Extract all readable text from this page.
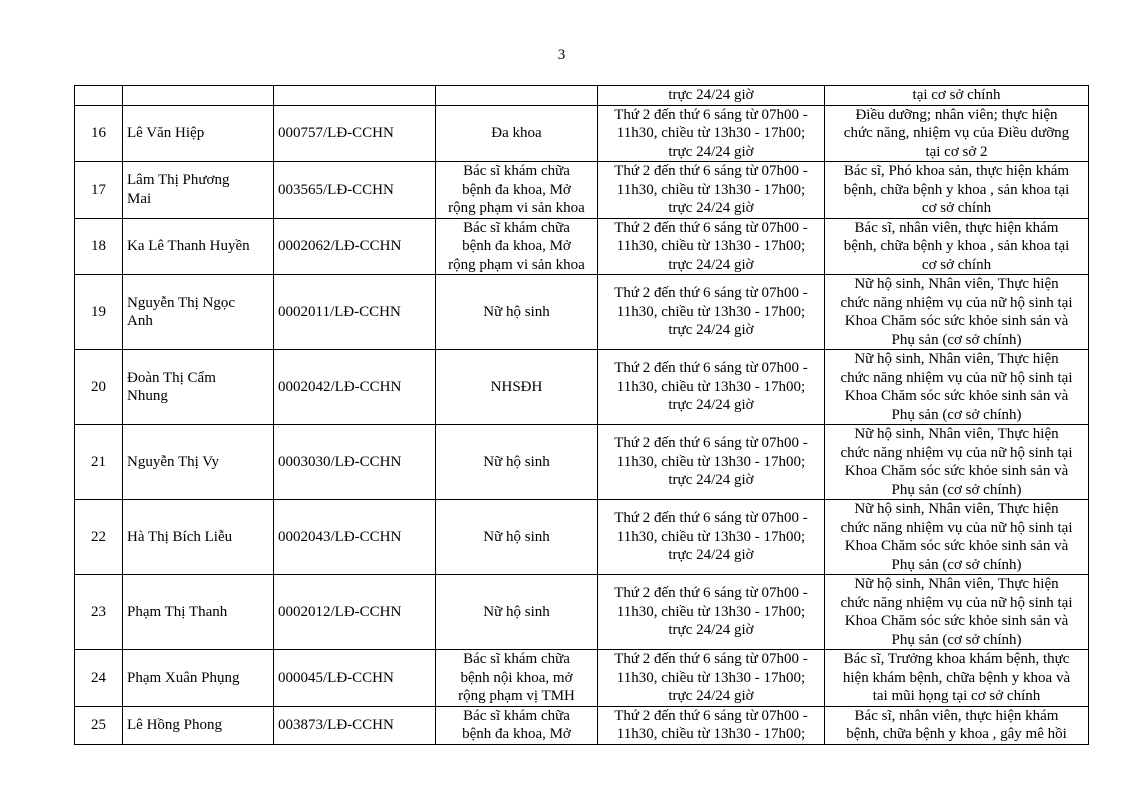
3
				trực 24/24 giờ	tại cơ sở chính
16	Lê Văn Hiệp	000757/LĐ-CCHN	Đa khoa	Thứ 2 đến thứ 6 sáng từ 07h00 -
11h30, chiều từ 13h30 - 17h00;
trực 24/24 giờ	Điều dưỡng; nhân viên; thực hiện
chức năng, nhiệm vụ của Điều dưỡng
tại cơ sở 2

17	Lâm Thị Phương
Mai	003565/LĐ-CCHN	Bác sĩ khám chữa
bệnh đa khoa, Mở
rộng phạm vi sản khoa	Thứ 2 đến thứ 6 sáng từ 07h00 -
11h30, chiều từ 13h30 - 17h00;
trực 24/24 giờ	Bác sĩ, Phó khoa sản, thực hiện khám
bệnh, chữa bệnh y khoa , sản khoa tại
cơ sở chính

18	Ka Lê Thanh Huyền	0002062/LĐ-CCHN	Bác sĩ khám chữa
bệnh đa khoa, Mở
rộng phạm vi sản khoa	Thứ 2 đến thứ 6 sáng từ 07h00 -
11h30, chiều từ 13h30 - 17h00;
trực 24/24 giờ	Bác sĩ, nhân viên, thực hiện khám
bệnh, chữa bệnh y khoa , sản khoa tại
cơ sở chính

19	Nguyễn Thị Ngọc
Anh	0002011/LĐ-CCHN	Nữ hộ sinh	Thứ 2 đến thứ 6 sáng từ 07h00 -
11h30, chiều từ 13h30 - 17h00;
trực 24/24 giờ	Nữ hộ sinh, Nhân viên, Thực hiện
chức năng nhiệm vụ của nữ hộ sinh tại
Khoa Chăm sóc sức khỏe sinh sản và
Phụ sản (cơ sở chính)

20	Đoàn Thị Cẩm
Nhung	0002042/LĐ-CCHN	NHSĐH	Thứ 2 đến thứ 6 sáng từ 07h00 -
11h30, chiều từ 13h30 - 17h00;
trực 24/24 giờ	Nữ hộ sinh, Nhân viên, Thực hiện
chức năng nhiệm vụ của nữ hộ sinh tại
Khoa Chăm sóc sức khỏe sinh sản và
Phụ sản (cơ sở chính)

21	Nguyễn Thị Vy	0003030/LĐ-CCHN	Nữ hộ sinh	Thứ 2 đến thứ 6 sáng từ 07h00 -
11h30, chiều từ 13h30 - 17h00;
trực 24/24 giờ	Nữ hộ sinh, Nhân viên, Thực hiện
chức năng nhiệm vụ của nữ hộ sinh tại
Khoa Chăm sóc sức khỏe sinh sản và
Phụ sản (cơ sở chính)

22	Hà Thị Bích Liễu	0002043/LĐ-CCHN	Nữ hộ sinh	Thứ 2 đến thứ 6 sáng từ 07h00 -
11h30, chiều từ 13h30 - 17h00;
trực 24/24 giờ	Nữ hộ sinh, Nhân viên, Thực hiện
chức năng nhiệm vụ của nữ hộ sinh tại
Khoa Chăm sóc sức khỏe sinh sản và
Phụ sản (cơ sở chính)

23	Phạm Thị Thanh	0002012/LĐ-CCHN	Nữ hộ sinh	Thứ 2 đến thứ 6 sáng từ 07h00 -
11h30, chiều từ 13h30 - 17h00;
trực 24/24 giờ	Nữ hộ sinh, Nhân viên, Thực hiện
chức năng nhiệm vụ của nữ hộ sinh tại
Khoa Chăm sóc sức khỏe sinh sản và
Phụ sản (cơ sở chính)

24	Phạm Xuân Phụng	000045/LĐ-CCHN	Bác sĩ khám chữa
bệnh nội khoa, mở
rộng phạm vị TMH	Thứ 2 đến thứ 6 sáng từ 07h00 -
11h30, chiều từ 13h30 - 17h00;
trực 24/24 giờ	Bác sĩ, Trưởng khoa khám bệnh, thực
hiện khám bệnh, chữa bệnh y khoa và
tai mũi họng tại cơ sở chính

25	Lê Hồng Phong	003873/LĐ-CCHN	Bác sĩ khám chữa
bệnh đa khoa, Mở	Thứ 2 đến thứ 6 sáng từ 07h00 -
11h30, chiều từ 13h30 - 17h00;	Bác sĩ, nhân viên, thực hiện khám
bệnh, chữa bệnh y khoa , gây mê hồi
